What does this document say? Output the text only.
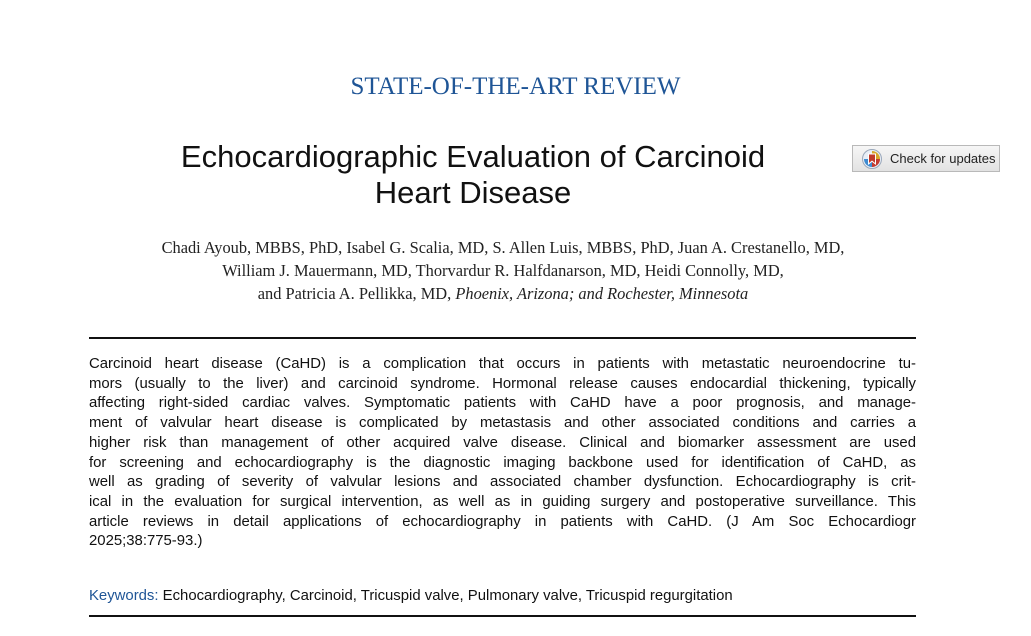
STATE-OF-THE-ART REVIEW
Echocardiographic Evaluation of Carcinoid
Heart Disease
Check for updates
Chadi Ayoub, MBBS, PhD, Isabel G. Scalia, MD, S. Allen Luis, MBBS, PhD, Juan A. Crestanello, MD,
William J. Mauermann, MD, Thorvardur R. Halfdanarson, MD, Heidi Connolly, MD,
and Patricia A. Pellikka, MD, Phoenix, Arizona; and Rochester, Minnesota
Carcinoid heart disease (CaHD) is a complication that occurs in patients with metastatic neuroendocrine tu-
mors (usually to the liver) and carcinoid syndrome. Hormonal release causes endocardial thickening, typically
affecting right-sided cardiac valves. Symptomatic patients with CaHD have a poor prognosis, and manage-
ment of valvular heart disease is complicated by metastasis and other associated conditions and carries a
higher risk than management of other acquired valve disease. Clinical and biomarker assessment are used
for screening and echocardiography is the diagnostic imaging backbone used for identification of CaHD, as
well as grading of severity of valvular lesions and associated chamber dysfunction. Echocardiography is crit-
ical in the evaluation for surgical intervention, as well as in guiding surgery and postoperative surveillance. This
article reviews in detail applications of echocardiography in patients with CaHD. (J Am Soc Echocardiogr
2025;38:775-93.)
Keywords: Echocardiography, Carcinoid, Tricuspid valve, Pulmonary valve, Tricuspid regurgitation
